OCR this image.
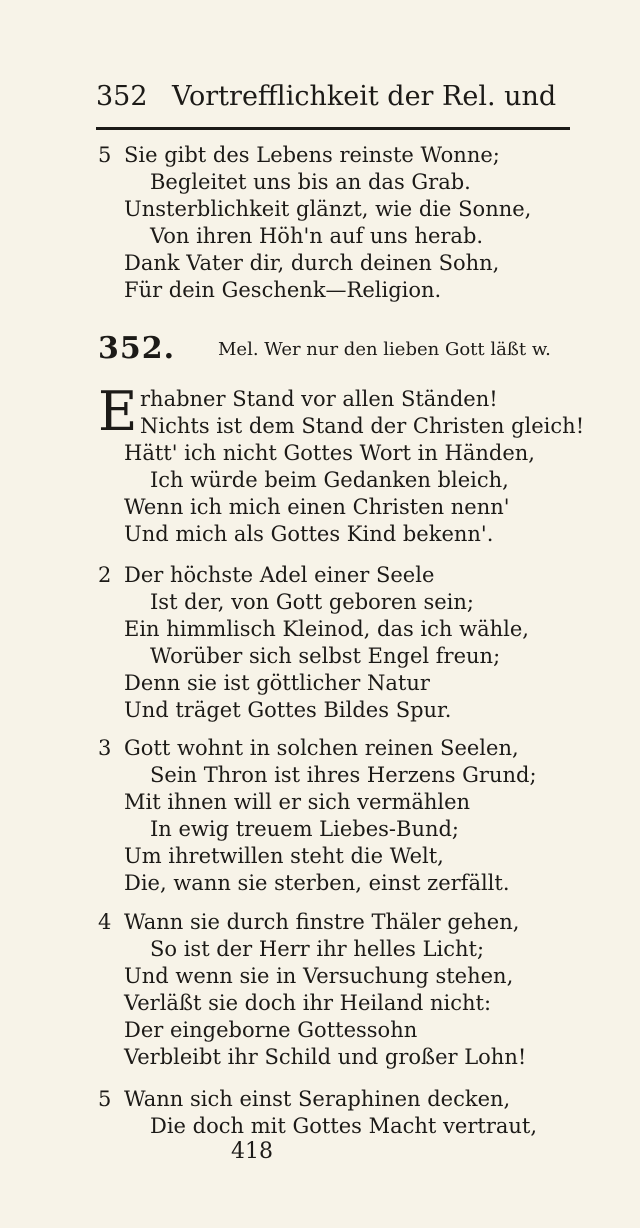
352 Vortrefflichkeit der Rel. und
5 Sie gibt des Lebens reinste Wonne;
Begleitet uns bis an das Grab.
Unsterblichkeit glänzt, wie die Sonne,
Von ihren Höh'n auf uns herab.
Dank Vater dir, durch deinen Sohn,
Für dein Geschenk—Religion.
352. Mel. Wer nur den lieben Gott läßt w.
E rhabner Stand vor allen Ständen!
Nichts ist dem Stand der Christen gleich!
Hätt' ich nicht Gottes Wort in Händen,
Ich würde beim Gedanken bleich,
Wenn ich mich einen Christen nenn'
Und mich als Gottes Kind bekenn'.
2 Der höchste Adel einer Seele
Ist der, von Gott geboren sein;
Ein himmlisch Kleinod, das ich wähle,
Worüber sich selbst Engel freun;
Denn sie ist göttlicher Natur
Und träget Gottes Bildes Spur.
3 Gott wohnt in solchen reinen Seelen,
Sein Thron ist ihres Herzens Grund;
Mit ihnen will er sich vermählen
In ewig treuem Liebes-Bund;
Um ihretwillen steht die Welt,
Die, wann sie sterben, einst zerfällt.
4 Wann sie durch finstre Thäler gehen,
So ist der Herr ihr helles Licht;
Und wenn sie in Versuchung stehen,
Verläßt sie doch ihr Heiland nicht:
Der eingeborne Gottessohn
Verbleibt ihr Schild und großer Lohn!
5 Wann sich einst Seraphinen decken,
Die doch mit Gottes Macht vertraut,
418
